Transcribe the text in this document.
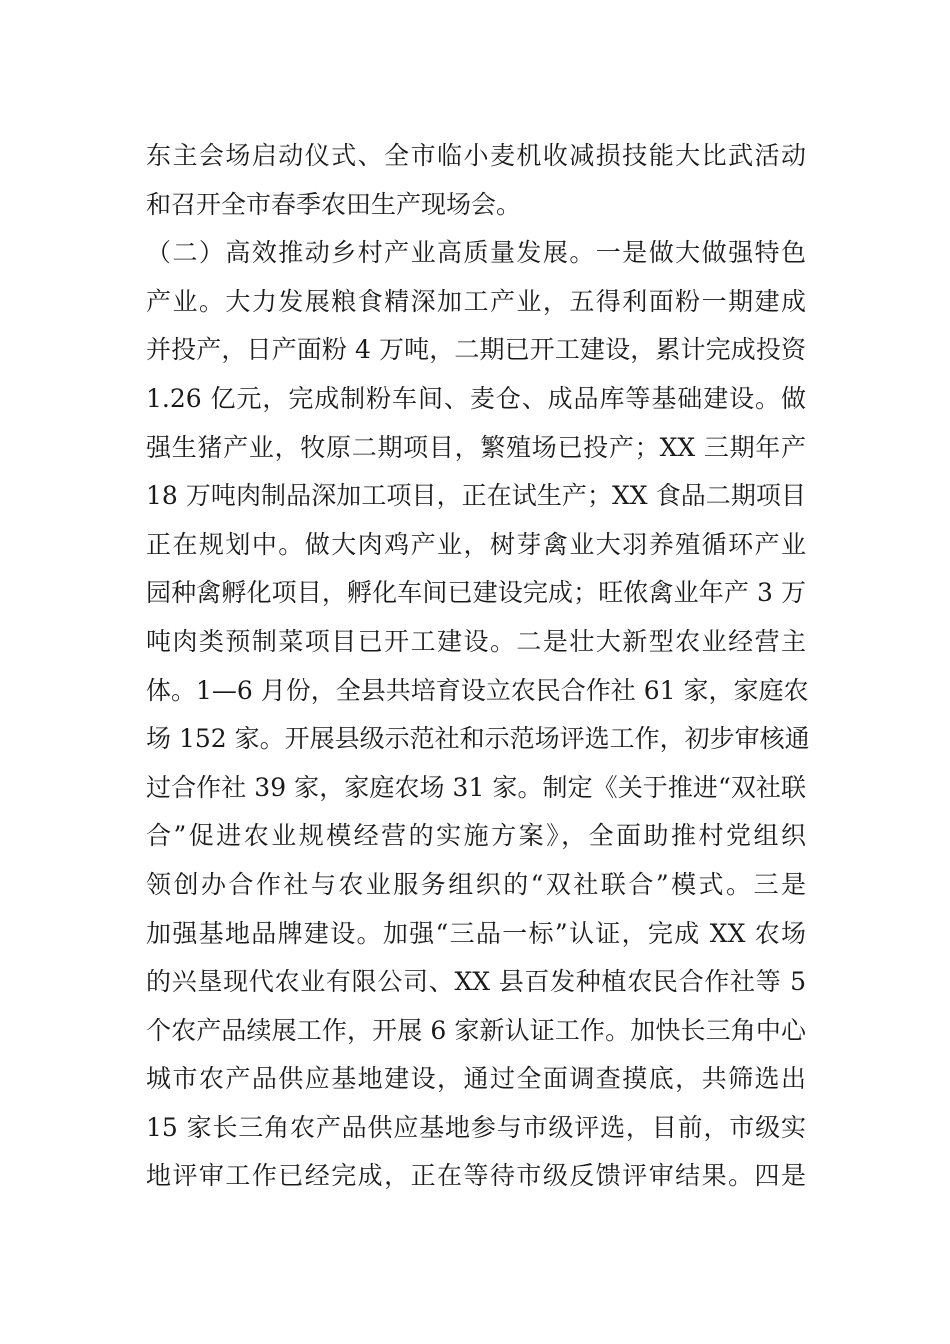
东主会场启动仪式、全市临小麦机收减损技能大比武活动
和召开全市春季农田生产现场会。
（二）高效推动乡村产业高质量发展。一是做大做强特色
产业。大力发展粮食精深加工产业，五得利面粉一期建成
并投产，日产面粉 4 万吨，二期已开工建设，累计完成投资
1.26 亿元，完成制粉车间、麦仓、成品库等基础建设。做
强生猪产业，牧原二期项目，繁殖场已投产；XX 三期年产
18 万吨肉制品深加工项目，正在试生产；XX 食品二期项目
正在规划中。做大肉鸡产业，树芽禽业大羽养殖循环产业
园种禽孵化项目，孵化车间已建设完成；旺侬禽业年产 3 万
吨肉类预制菜项目已开工建设。二是壮大新型农业经营主
体。1—6 月份，全县共培育设立农民合作社 61 家，家庭农
场 152 家。开展县级示范社和示范场评选工作，初步审核通
过合作社 39 家，家庭农场 31 家。制定《关于推进“双社联
合”促进农业规模经营的实施方案》，全面助推村党组织
领创办合作社与农业服务组织的“双社联合”模式。三是
加强基地品牌建设。加强“三品一标”认证，完成 XX 农场
的兴垦现代农业有限公司、XX 县百发种植农民合作社等 5
个农产品续展工作，开展 6 家新认证工作。加快长三角中心
城市农产品供应基地建设，通过全面调查摸底，共筛选出
15 家长三角农产品供应基地参与市级评选，目前，市级实
地评审工作已经完成，正在等待市级反馈评审结果。四是
